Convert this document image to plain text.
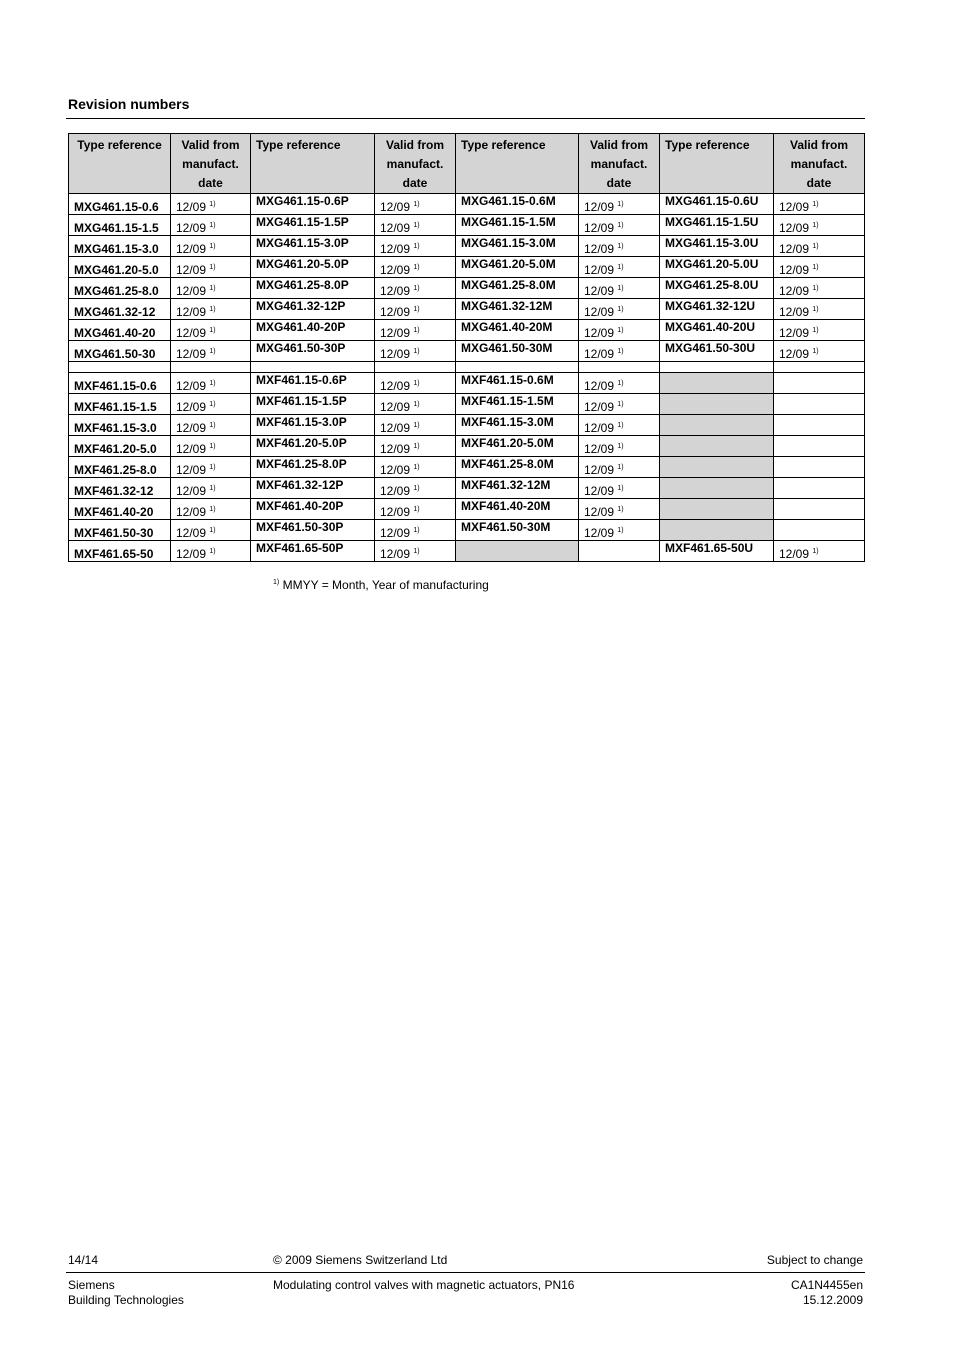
Revision numbers
Type reference	Valid from manufact. date	Type reference	Valid from manufact. date	Type reference	Valid from manufact. date	Type reference	Valid from manufact. date
MXG461.15-0.6	12/09 $^{1)}$	MXG461.15-0.6P	12/09 $^{1)}$	MXG461.15-0.6M	12/09 $^{1)}$	MXG461.15-0.6U	12/09 $^{1)}$
MXG461.15-1.5	12/09 $^{1)}$	MXG461.15-1.5P	12/09 $^{1)}$	MXG461.15-1.5M	12/09 $^{1)}$	MXG461.15-1.5U	12/09 $^{1)}$
MXG461.15-3.0	12/09 $^{1)}$	MXG461.15-3.0P	12/09 $^{1)}$	MXG461.15-3.0M	12/09 $^{1)}$	MXG461.15-3.0U	12/09 $^{1)}$
MXG461.20-5.0	12/09 $^{1)}$	MXG461.20-5.0P	12/09 $^{1)}$	MXG461.20-5.0M	12/09 $^{1)}$	MXG461.20-5.0U	12/09 $^{1)}$
MXG461.25-8.0	12/09 $^{1)}$	MXG461.25-8.0P	12/09 $^{1)}$	MXG461.25-8.0M	12/09 $^{1)}$	MXG461.25-8.0U	12/09 $^{1)}$
MXG461.32-12	12/09 $^{1)}$	MXG461.32-12P	12/09 $^{1)}$	MXG461.32-12M	12/09 $^{1)}$	MXG461.32-12U	12/09 $^{1)}$
MXG461.40-20	12/09 $^{1)}$	MXG461.40-20P	12/09 $^{1)}$	MXG461.40-20M	12/09 $^{1)}$	MXG461.40-20U	12/09 $^{1)}$
MXG461.50-30	12/09 $^{1)}$	MXG461.50-30P	12/09 $^{1)}$	MXG461.50-30M	12/09 $^{1)}$	MXG461.50-30U	12/09 $^{1)}$

MXF461.15-0.6	12/09 $^{1)}$	MXF461.15-0.6P	12/09 $^{1)}$	MXF461.15-0.6M	12/09 $^{1)}$		
MXF461.15-1.5	12/09 $^{1)}$	MXF461.15-1.5P	12/09 $^{1)}$	MXF461.15-1.5M	12/09 $^{1)}$		
MXF461.15-3.0	12/09 $^{1)}$	MXF461.15-3.0P	12/09 $^{1)}$	MXF461.15-3.0M	12/09 $^{1)}$		
MXF461.20-5.0	12/09 $^{1)}$	MXF461.20-5.0P	12/09 $^{1)}$	MXF461.20-5.0M	12/09 $^{1)}$		
MXF461.25-8.0	12/09 $^{1)}$	MXF461.25-8.0P	12/09 $^{1)}$	MXF461.25-8.0M	12/09 $^{1)}$		
MXF461.32-12	12/09 $^{1)}$	MXF461.32-12P	12/09 $^{1)}$	MXF461.32-12M	12/09 $^{1)}$		
MXF461.40-20	12/09 $^{1)}$	MXF461.40-20P	12/09 $^{1)}$	MXF461.40-20M	12/09 $^{1)}$		
MXF461.50-30	12/09 $^{1)}$	MXF461.50-30P	12/09 $^{1)}$	MXF461.50-30M	12/09 $^{1)}$		
MXF461.65-50	12/09 $^{1)}$	MXF461.65-50P	12/09 $^{1)}$			MXF461.65-50U	12/09 $^{1)}$
$^{1)}$ MMYY = Month, Year of manufacturing
14/14	© 2009 Siemens Switzerland Ltd	Subject to change
Siemens
Building Technologies
Modulating control valves with magnetic actuators, PN16	CA1N4455en
15.12.2009
